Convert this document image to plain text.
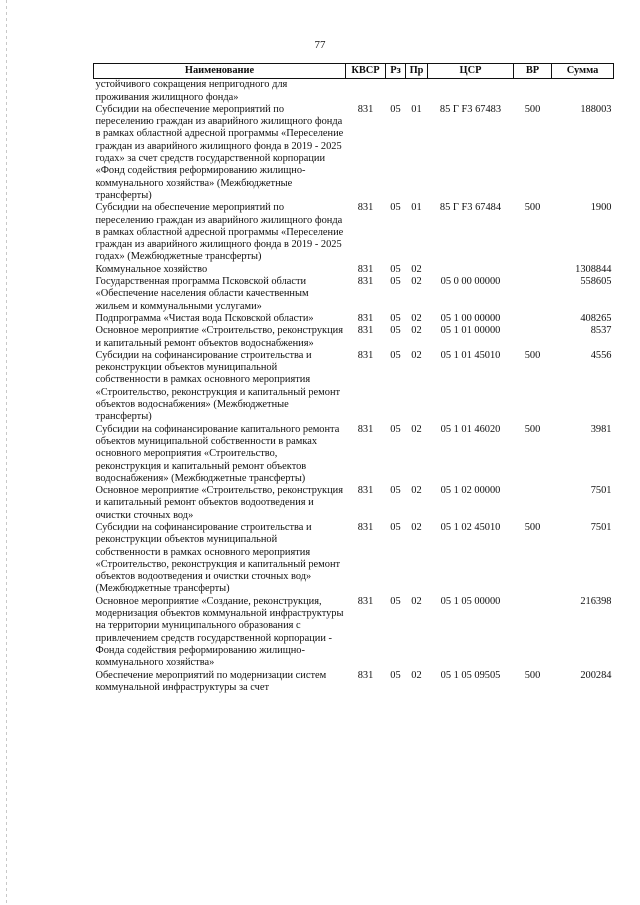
77
Наименование	КВСР	Рз	Пр	ЦСР	ВР	Сумма
устойчивого сокращения непригодного для проживания жилищного фонда»						
Субсидии на обеспечение мероприятий по переселению граждан из аварийного жилищного фонда в рамках областной адресной программы «Переселение граждан из аварийного жилищного фонда в 2019 - 2025 годах» за счет средств государственной корпорации «Фонд содействия реформированию жилищно-коммунального хозяйства» (Межбюджетные трансферты)	831	05	01	85 Г F3 67483	500	188003
Субсидии на обеспечение мероприятий по переселению граждан из аварийного жилищного фонда в рамках областной адресной программы «Переселение граждан из аварийного жилищного фонда в 2019 - 2025 годах» (Межбюджетные трансферты)	831	05	01	85 Г F3 67484	500	1900
Коммунальное хозяйство	831	05	02			1308844
Государственная программа Псковской области «Обеспечение населения области качественным жильем и коммунальными услугами»	831	05	02	05 0 00 00000		558605
Подпрограмма «Чистая вода Псковской области»	831	05	02	05 1 00 00000		408265
Основное мероприятие «Строительство, реконструкция и капитальный ремонт объектов водоснабжения»	831	05	02	05 1 01 00000		8537
Субсидии на софинансирование строительства и реконструкции объектов муниципальной собственности в рамках основного мероприятия «Строительство, реконструкция и капитальный ремонт объектов водоснабжения» (Межбюджетные трансферты)	831	05	02	05 1 01 45010	500	4556
Субсидии на софинансирование капитального ремонта объектов муниципальной собственности в рамках основного мероприятия «Строительство, реконструкция и капитальный ремонт объектов водоснабжения» (Межбюджетные трансферты)	831	05	02	05 1 01 46020	500	3981
Основное мероприятие «Строительство, реконструкция и капитальный ремонт объектов водоотведения и очистки сточных вод»	831	05	02	05 1 02 00000		7501
Субсидии на софинансирование строительства и реконструкции объектов муниципальной собственности в рамках основного мероприятия «Строительство, реконструкция и капитальный ремонт объектов водоотведения и очистки сточных вод» (Межбюджетные трансферты)	831	05	02	05 1 02 45010	500	7501
Основное мероприятие «Создание, реконструкция, модернизация объектов коммунальной инфраструктуры на территории муниципального образования с привлечением средств государственной корпорации - Фонда содействия реформированию жилищно-коммунального хозяйства»	831	05	02	05 1 05 00000		216398
Обеспечение мероприятий по модернизации систем коммунальной инфраструктуры за счет	831	05	02	05 1 05 09505	500	200284
